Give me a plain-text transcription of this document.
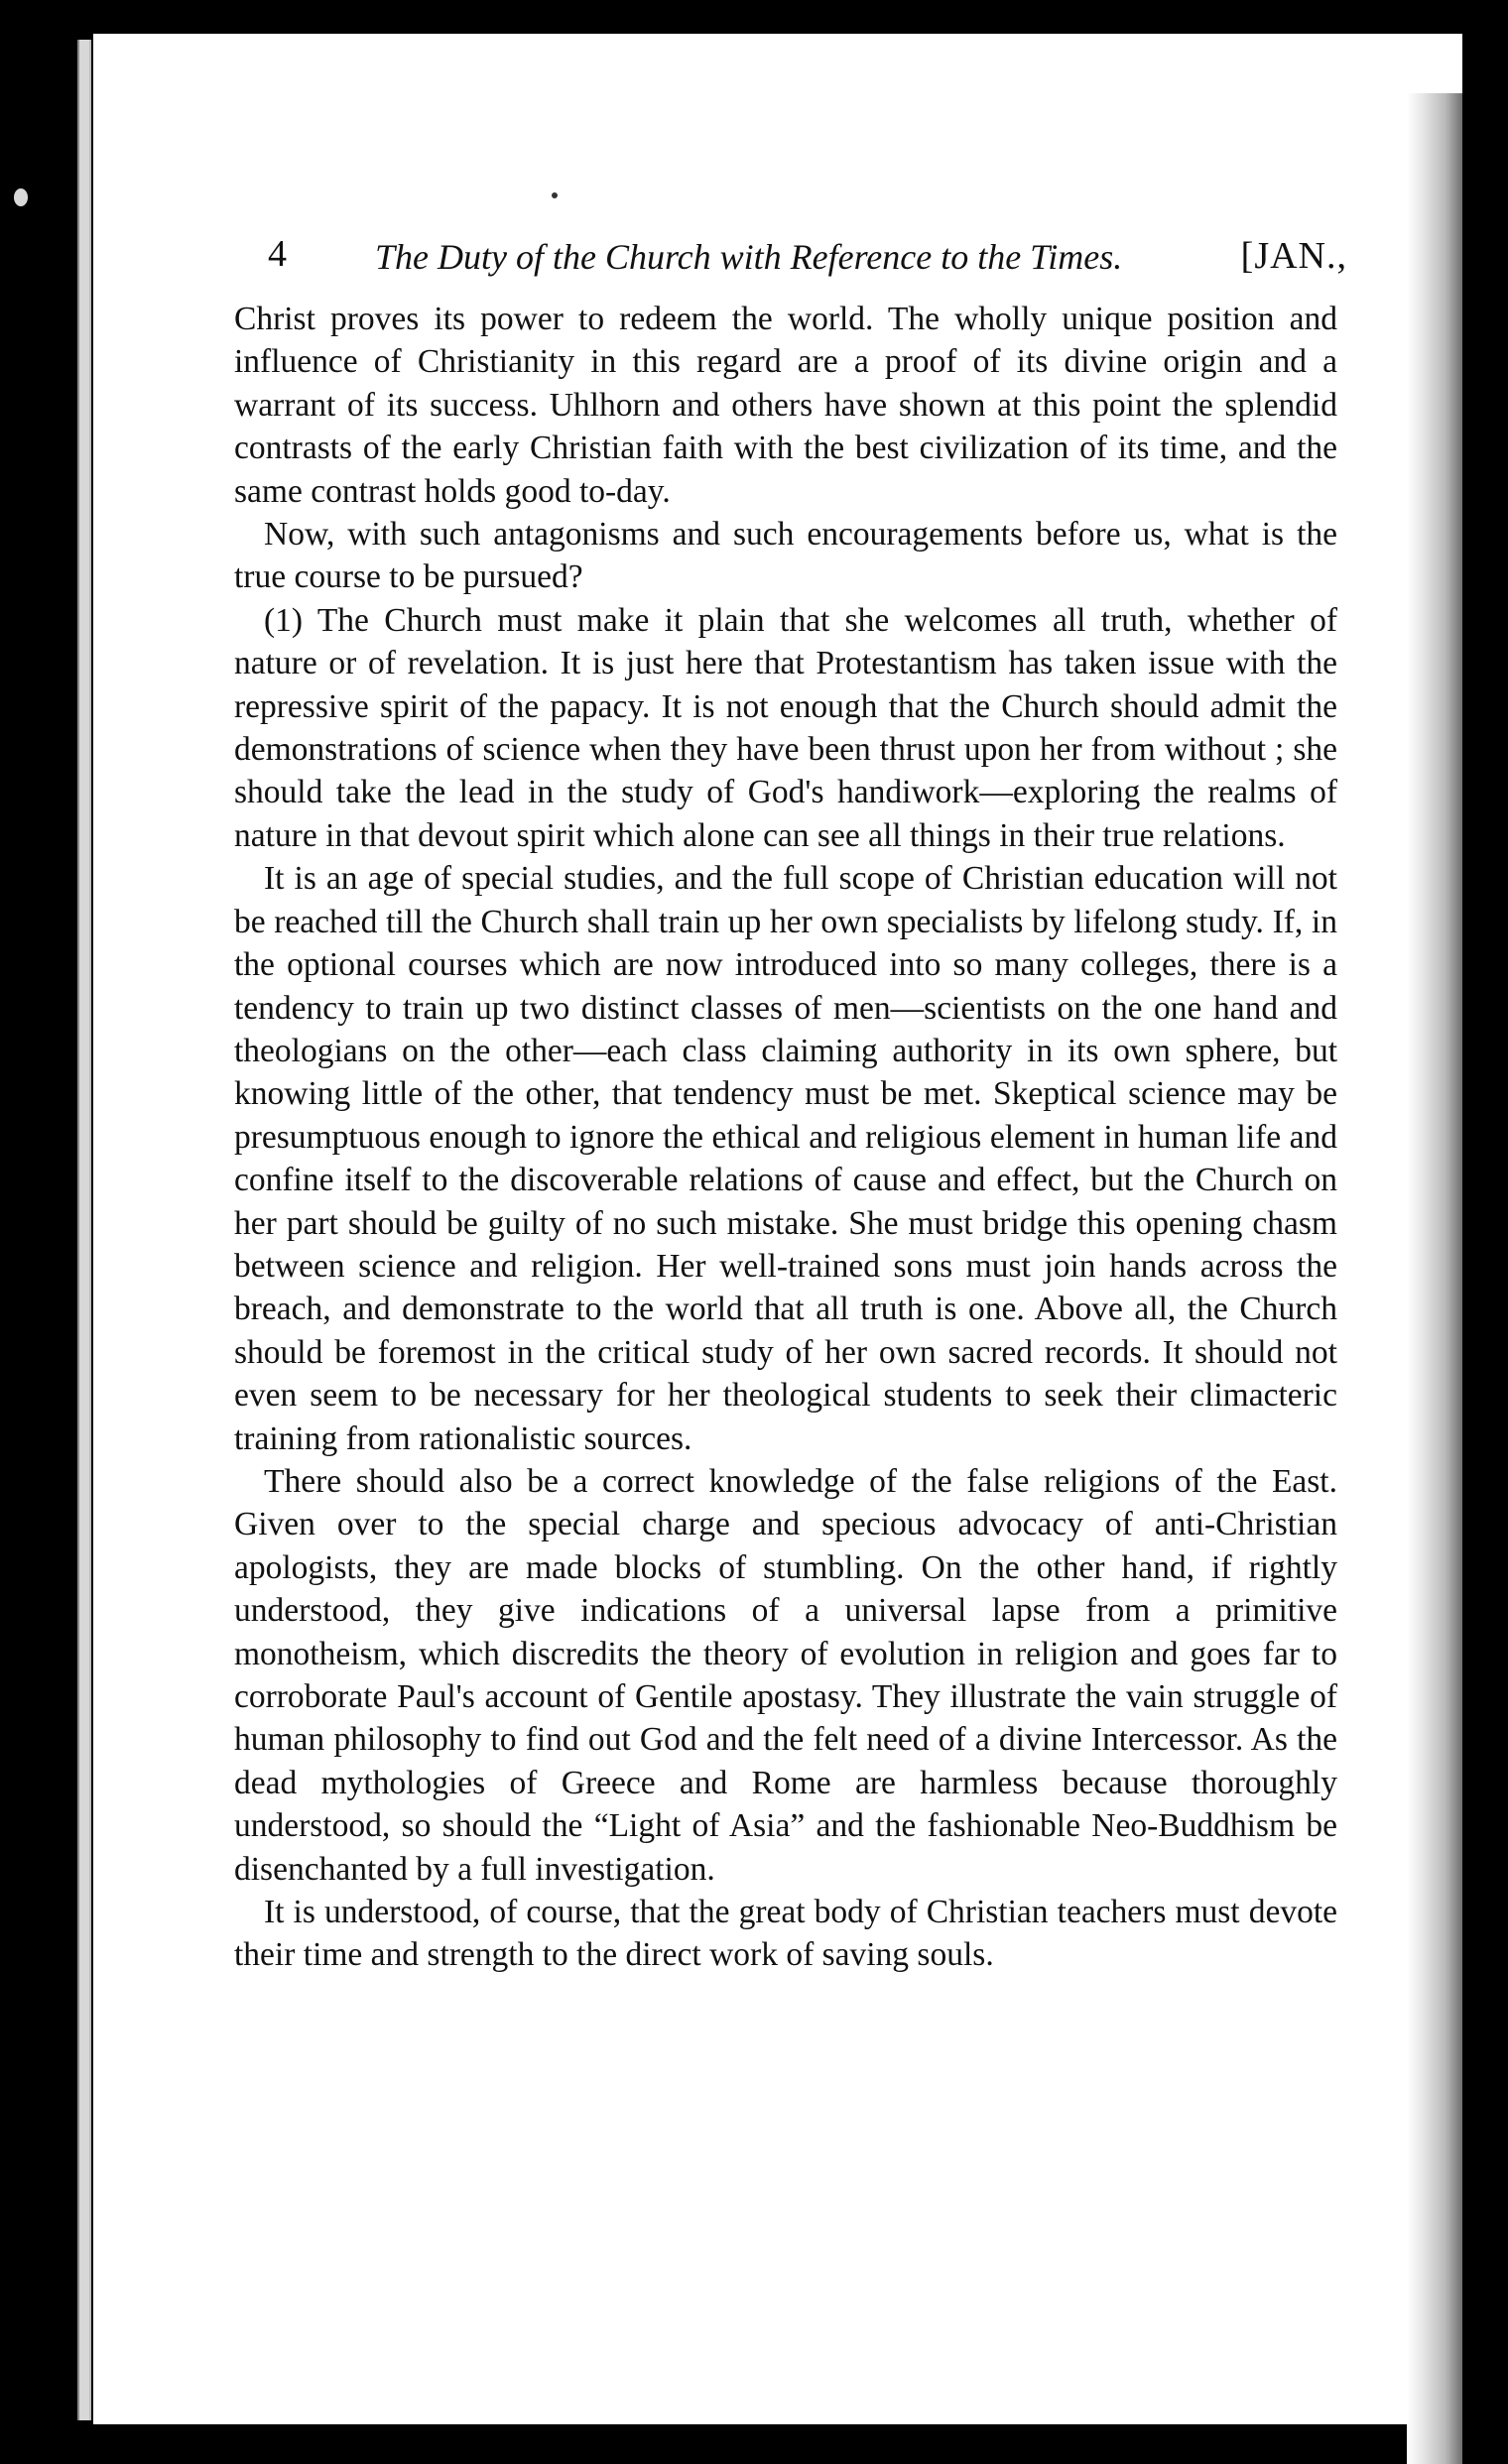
4 The Duty of the Church with Reference to the Times.	[JAN.,

Christ proves its power to redeem the world. The wholly unique position and influence of Christianity in this regard are a proof of its divine origin and a warrant of its success. Uhlhorn and others have shown at this point the splendid contrasts of the early Christian faith with the best civilization of its time, and the same contrast holds good to-day.

Now, with such antagonisms and such encouragements before us, what is the true course to be pursued?

(1) The Church must make it plain that she welcomes all truth, whether of nature or of revelation. It is just here that Protestantism has taken issue with the repressive spirit of the papacy. It is not enough that the Church should admit the demonstrations of science when they have been thrust upon her from without ; she should take the lead in the study of God's handiwork—exploring the realms of nature in that devout spirit which alone can see all things in their true relations.

It is an age of special studies, and the full scope of Christian education will not be reached till the Church shall train up her own specialists by lifelong study. If, in the optional courses which are now introduced into so many colleges, there is a tendency to train up two distinct classes of men—scientists on the one hand and theologians on the other—each class claiming authority in its own sphere, but knowing little of the other, that tendency must be met. Skeptical science may be presumptuous enough to ignore the ethical and religious element in human life and confine itself to the discoverable relations of cause and effect, but the Church on her part should be guilty of no such mistake. She must bridge this opening chasm between science and religion. Her well-trained sons must join hands across the breach, and demonstrate to the world that all truth is one. Above all, the Church should be foremost in the critical study of her own sacred records. It should not even seem to be necessary for her theological students to seek their climacteric training from rationalistic sources.

There should also be a correct knowledge of the false religions of the East. Given over to the special charge and specious advocacy of anti-Christian apologists, they are made blocks of stumbling. On the other hand, if rightly understood, they give indications of a universal lapse from a primitive monotheism, which discredits the theory of evolution in religion and goes far to corroborate Paul's account of Gentile apostasy. They illustrate the vain struggle of human philosophy to find out God and the felt need of a divine Intercessor. As the dead mythologies of Greece and Rome are harmless because thoroughly understood, so should the “Light of Asia” and the fashionable Neo-Buddhism be disenchanted by a full investigation.

It is understood, of course, that the great body of Christian teachers must devote their time and strength to the direct work of saving souls.
